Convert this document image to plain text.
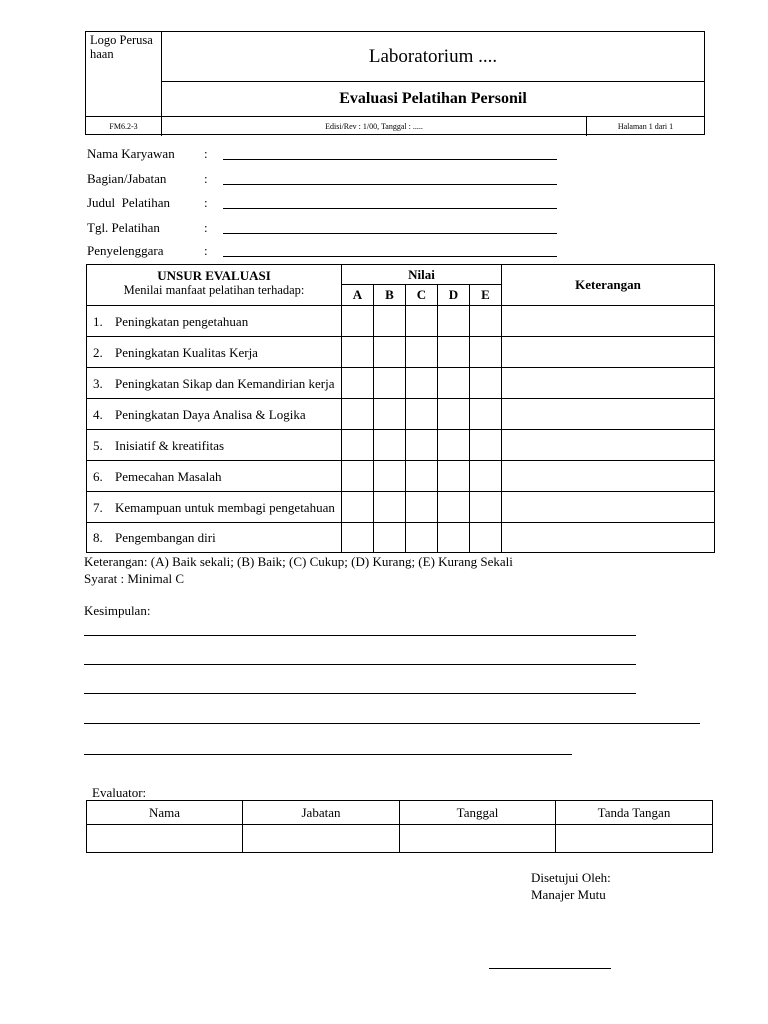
Logo Perusahaan	Laboratorium ....
Evaluasi Pelatihan Personil
FM6.2-3	Edisi/Rev : 1/00, Tanggal : .....	Halaman 1 dari 1
Nama Karyawan :
Bagian/Jabatan	:
Judul  Pelatihan	:
Tgl. Pelatihan	:
Penyelenggara	:
UNSUR EVALUASI
Menilai manfaat pelatihan terhadap:	Nilai					Keterangan
	A	B	C	D	E	

1. Peningkatan pengetahuan						

2. Peningkatan Kualitas Kerja						

3. Peningkatan Sikap dan Kemandirian kerja						

4. Peningkatan Daya Analisa & Logika						

5. Inisiatif & kreatifitas						

6. Pemecahan Masalah						

7. Kemampuan untuk membagi pengetahuan						

8. Pengembangan diri						

Keterangan: (A) Baik sekali; (B) Baik; (C) Cukup; (D) Kurang; (E) Kurang Sekali
Syarat : Minimal C
Kesimpulan:
Evaluator:
Nama	Jabatan	Tanggal	Tanda Tangan

Disetujui Oleh:
Manajer Mutu
